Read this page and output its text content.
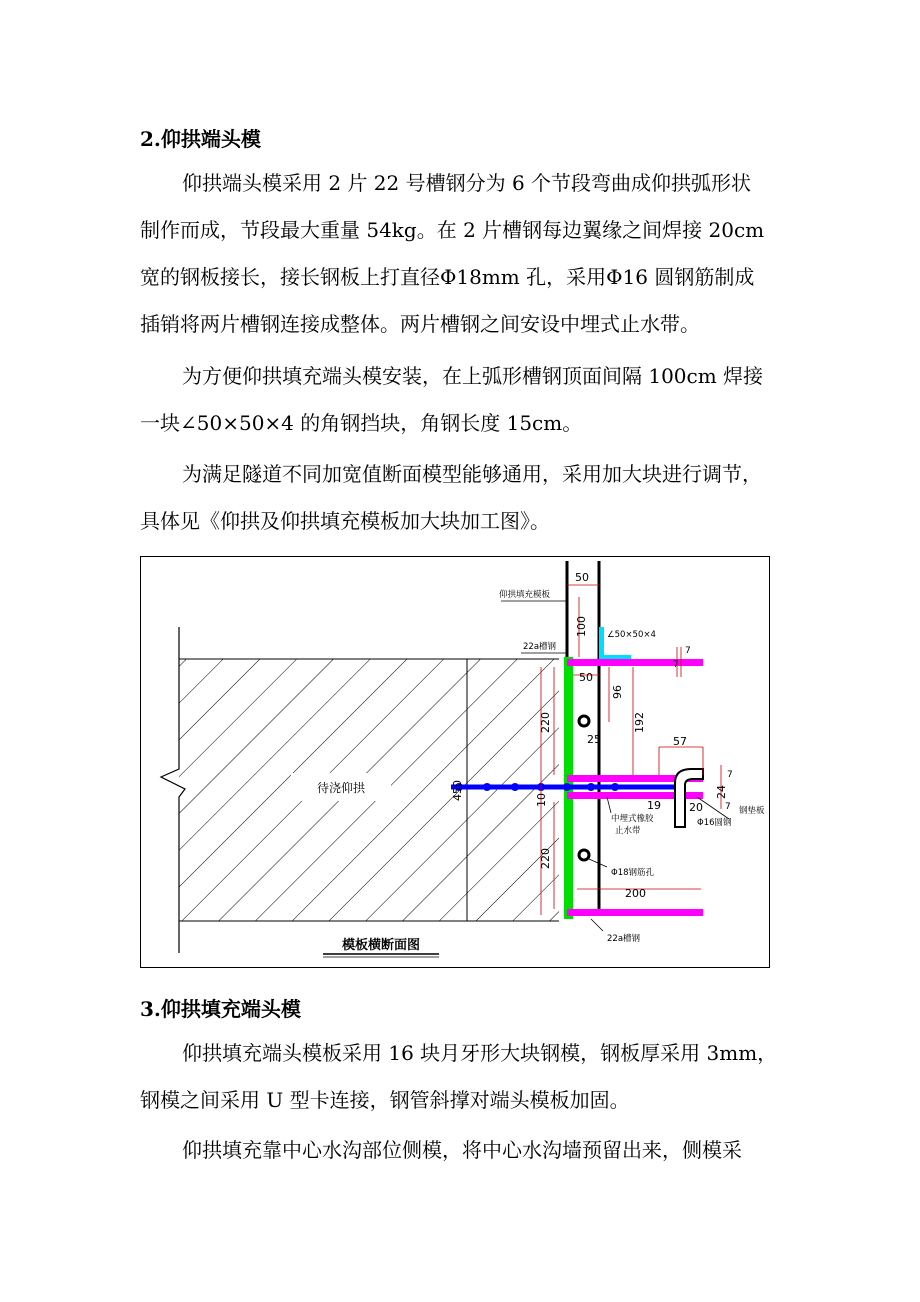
2.仰拱端头模
仰拱端头模采用 2 片 22 号槽钢分为 6 个节段弯曲成仰拱弧形状
制作而成，节段最大重量 54kg。在 2 片槽钢每边翼缘之间焊接 20cm
宽的钢板接长，接长钢板上打直径Φ18mm 孔，采用Φ16 圆钢筋制成
插销将两片槽钢连接成整体。两片槽钢之间安设中埋式止水带。
为方便仰拱填充端头模安装，在上弧形槽钢顶面间隔 100cm 焊接
一块∠50×50×4 的角钢挡块，角钢长度 15cm。
为满足隧道不同加宽值断面模型能够通用，采用加大块进行调节，
具体见《仰拱及仰拱填充模板加大块加工图》。
待浇仰拱
仰拱填充模板
∠50×50×4
22a槽钢
中埋式橡胶
止水带
Φ16圆钢
Φ18钢筋孔
22a槽钢
钢垫板
50
100
7
7
50
96
192
220
25	57
7
7
24
450	10	19	20
220
200
模板横断面图
3.仰拱填充端头模
仰拱填充端头模板采用 16 块月牙形大块钢模，钢板厚采用 3mm，
钢模之间采用 U 型卡连接，钢管斜撑对端头模板加固。
仰拱填充靠中心水沟部位侧模，将中心水沟墙预留出来，侧模采
